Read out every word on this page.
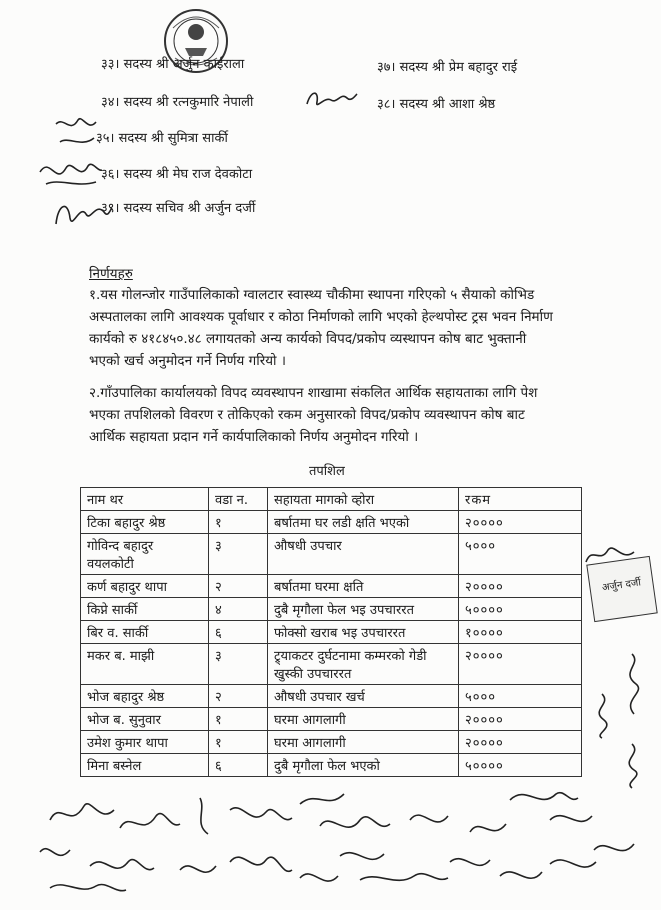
३३। सदस्य श्री अर्जुन काईराला	३७। सदस्य श्री प्रेम बहादुर राई
३४। सदस्य श्री रत्नकुमारि नेपाली	३८। सदस्य श्री आशा श्रेष्ठ
३५। सदस्य श्री सुमित्रा सार्की
३६। सदस्य श्री मेघ राज देवकोटा
३९। सदस्य सचिव श्री अर्जुन दर्जी
निर्णयहरु
१.यस गोलन्जोर गाउँपालिकाको ग्वालटार स्वास्थ्य चौकीमा स्थापना गरिएको ५ सैयाको कोभिड
अस्पतालका लागि आवश्यक पूर्वाधार र कोठा निर्माणको लागि भएको हेल्थपोस्ट ट्रस भवन निर्माण
कार्यको रु ४१८४५०.४८ लगायतको अन्य कार्यको विपद/प्रकोप व्यस्थापन कोष बाट भुक्तानी
भएको खर्च अनुमोदन गर्ने निर्णय गरियो ।
२.गाँउपालिका कार्यालयको विपद व्यवस्थापन शाखामा संकलित आर्थिक सहायताका लागि पेश
भएका तपशिलको विवरण र तोकिएको रकम अनुसारको विपद/प्रकोप व्यवस्थापन कोष बाट
आर्थिक सहायता प्रदान गर्ने कार्यपालिकाको निर्णय अनुमोदन गरियो ।
तपशिल
नाम थर	वडा न.	सहायता मागको व्होरा	रकम
टिका बहादुर श्रेष्ठ	१	बर्षातमा घर लडी क्षति भएको	२००००
गोविन्द बहादुर वयलकोटी	३	औषधी उपचार	५०००
कर्ण बहादुर थापा	२	बर्षातमा घरमा क्षति	२००००
किप्ने सार्की	४	दुबै मृगौला फेल भइ उपचाररत	५००००
बिर व. सार्की	६	फोक्सो खराब भइ उपचाररत	१००००
मकर ब. माझी	३	ट्र्याकटर दुर्घटनामा कम्मरको गेडी खुस्की उपचाररत	२००००
भोज बहादुर श्रेष्ठ	२	औषधी उपचार खर्च	५०००
भोज ब. सुनुवार	१	घरमा आगलागी	२००००
उमेश कुमार थापा	१	घरमा आगलागी	२००००
मिना बस्नेल	६	दुबै मृगौला फेल भएको	५००००
अर्जुन दर्जी
